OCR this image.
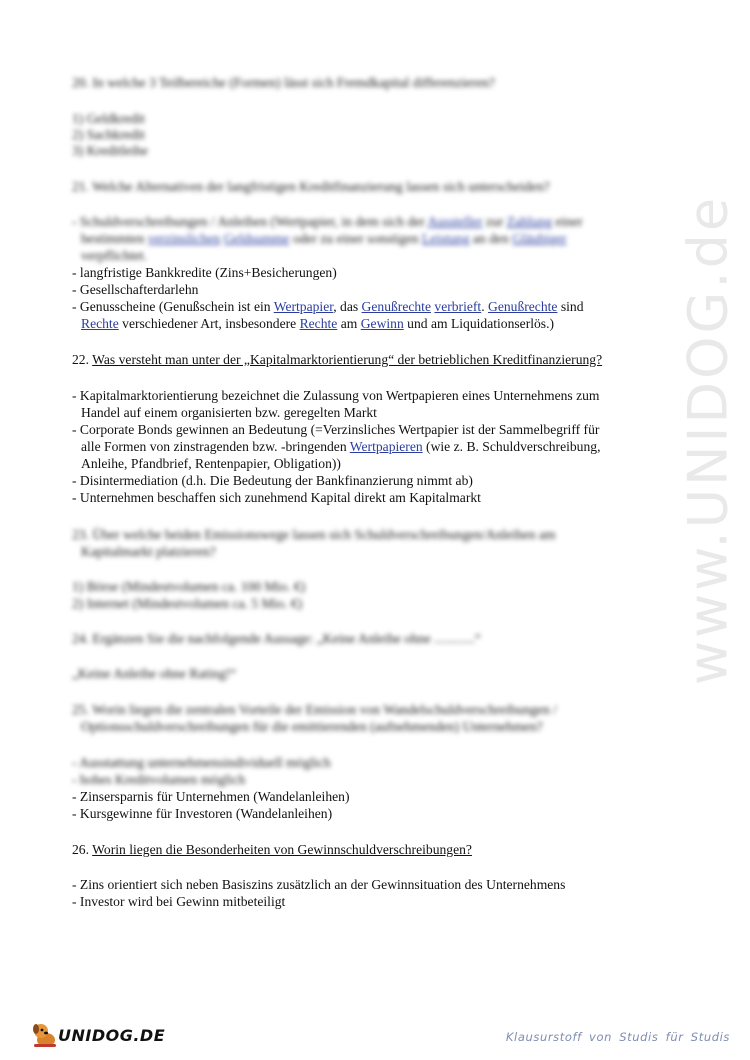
www.UNIDOG.de
20. In welche 3 Teilbereiche (Formen) lässt sich Fremdkapital differenzieren?
1) Geldkredit
2) Sachkredit
3) Kreditleihe
21. Welche Alternativen der langfristigen Kreditfinanzierung lassen sich unterscheiden?
- Schuldverschreibungen / Anleihen (Wertpapier, in dem sich der Aussteller zur Zahlung einer
bestimmten verzinslichen Geldsumme oder zu einer sonstigen Leistung an den Gläubiger
verpflichtet.
- langfristige Bankkredite (Zins+Besicherungen)
- Gesellschafterdarlehn
- Genusscheine (Genußschein ist ein Wertpapier, das Genußrechte verbrieft. Genußrechte sind
Rechte verschiedener Art, insbesondere Rechte am Gewinn und am Liquidationserlös.)
22. Was versteht man unter der „Kapitalmarktorientierung“ der betrieblichen Kreditfinanzierung?
- Kapitalmarktorientierung bezeichnet die Zulassung von Wertpapieren eines Unternehmens zum
Handel auf einem organisierten bzw. geregelten Markt
- Corporate Bonds gewinnen an Bedeutung (=Verzinsliches Wertpapier ist der Sammelbegriff für
alle Formen von zinstragenden bzw. -bringenden Wertpapieren (wie z. B. Schuldverschreibung,
Anleihe, Pfandbrief, Rentenpapier, Obligation))
- Disintermediation (d.h. Die Bedeutung der Bankfinanzierung nimmt ab)
- Unternehmen beschaffen sich zunehmend Kapital direkt am Kapitalmarkt
23. Über welche beiden Emissionswege lassen sich Schuldverschreibungen/Anleihen am
Kapitalmarkt platzieren?
1) Börse (Mindestvolumen ca. 100 Mio. €)
2) Internet (Mindestvolumen ca. 5 Mio. €)
24. Ergänzen Sie die nachfolgende Aussage: „Keine Anleihe ohne ............“
„Keine Anleihe ohne Rating!“
25. Worin liegen die zentralen Vorteile der Emission von Wandelschuldverschreibungen /
Optionsschuldverschreibungen für die emittierenden (aufnehmenden) Unternehmen?
- Ausstattung unternehmensindividuell möglich
- hohes Kreditvolumen möglich
- Zinsersparnis für Unternehmen (Wandelanleihen)
- Kursgewinne für Investoren (Wandelanleihen)
26. Worin liegen die Besonderheiten von Gewinnschuldverschreibungen?
- Zins orientiert sich neben Basiszins zusätzlich an der Gewinnsituation des Unternehmens
- Investor wird bei Gewinn mitbeteiligt
UNIDOG.DE	Klausurstoff von Studis für Studis
